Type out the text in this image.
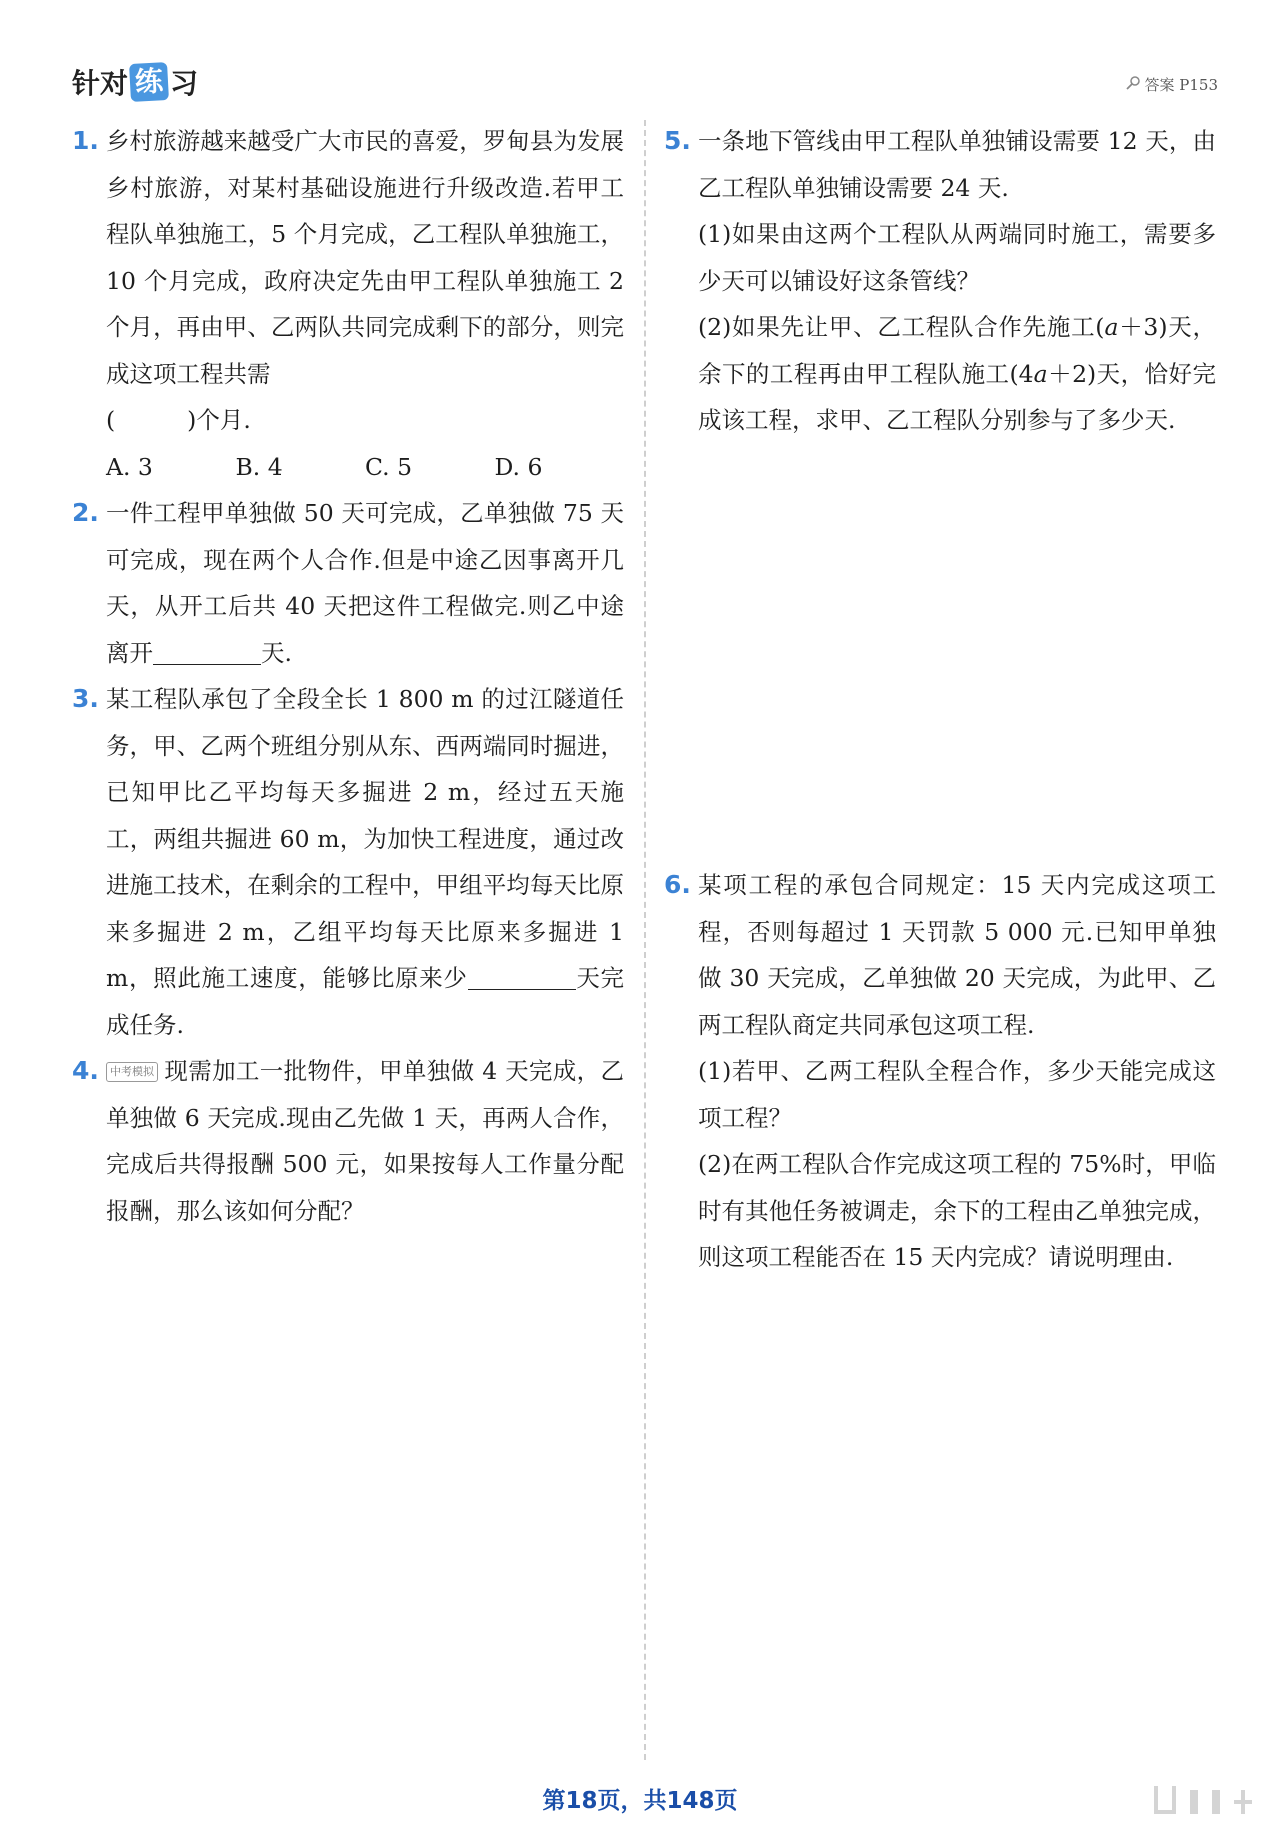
针对 练 习	答案 P153
1. 乡村旅游越来越受广大市民的喜爱，罗甸县为发展乡村旅游，对某村基础设施进行升级改造.若甲工程队单独施工，5 个月完成，乙工程队单独施工，10 个月完成，政府决定先由甲工程队单独施工 2 个月，再由甲、乙两队共同完成剩下的部分，则完成这项工程共需

(	)个月.

A. 3	B. 4	C. 5	D. 6
2. 一件工程甲单独做 50 天可完成，乙单独做 75 天可完成，现在两个人合作.但是中途乙因事离开几天，从开工后共 40 天把这件工程做完.则乙中途离开	天.

3. 某工程队承包了全段全长 1 800 m 的过江隧道任务，甲、乙两个班组分别从东、西两端同时掘进，已知甲比乙平均每天多掘进 2 m，经过五天施工，两组共掘进 60 m，为加快工程进度，通过改进施工技术，在剩余的工程中，甲组平均每天比原来多掘进 2 m，乙组平均每天比原来多掘进 1 m，照此施工速度，能够比原来少	天完成任务.

4.	中考模拟 现需加工一批物件，甲单独做 4 天完成，乙单独做 6 天完成.现由乙先做 1 天，再两人合作，完成后共得报酬 500 元，如果按每人工作量分配报酬，那么该如何分配？

5. 一条地下管线由甲工程队单独铺设需要 12 天，由乙工程队单独铺设需要 24 天.

(1)如果由这两个工程队从两端同时施工，需要多少天可以铺设好这条管线？

(2)如果先让甲、乙工程队合作先施工(a＋3)天，余下的工程再由甲工程队施工(4a＋2)天，恰好完成该工程，求甲、乙工程队分别参与了多少天.

6. 某项工程的承包合同规定：15 天内完成这项工程，否则每超过 1 天罚款 5 000 元.已知甲单独做 30 天完成，乙单独做 20 天完成，为此甲、乙两工程队商定共同承包这项工程.

(1)若甲、乙两工程队全程合作，多少天能完成这项工程？

(2)在两工程队合作完成这项工程的 75%时，甲临时有其他任务被调走，余下的工程由乙单独完成，则这项工程能否在 15 天内完成？请说明理由.

第18页，共148页
